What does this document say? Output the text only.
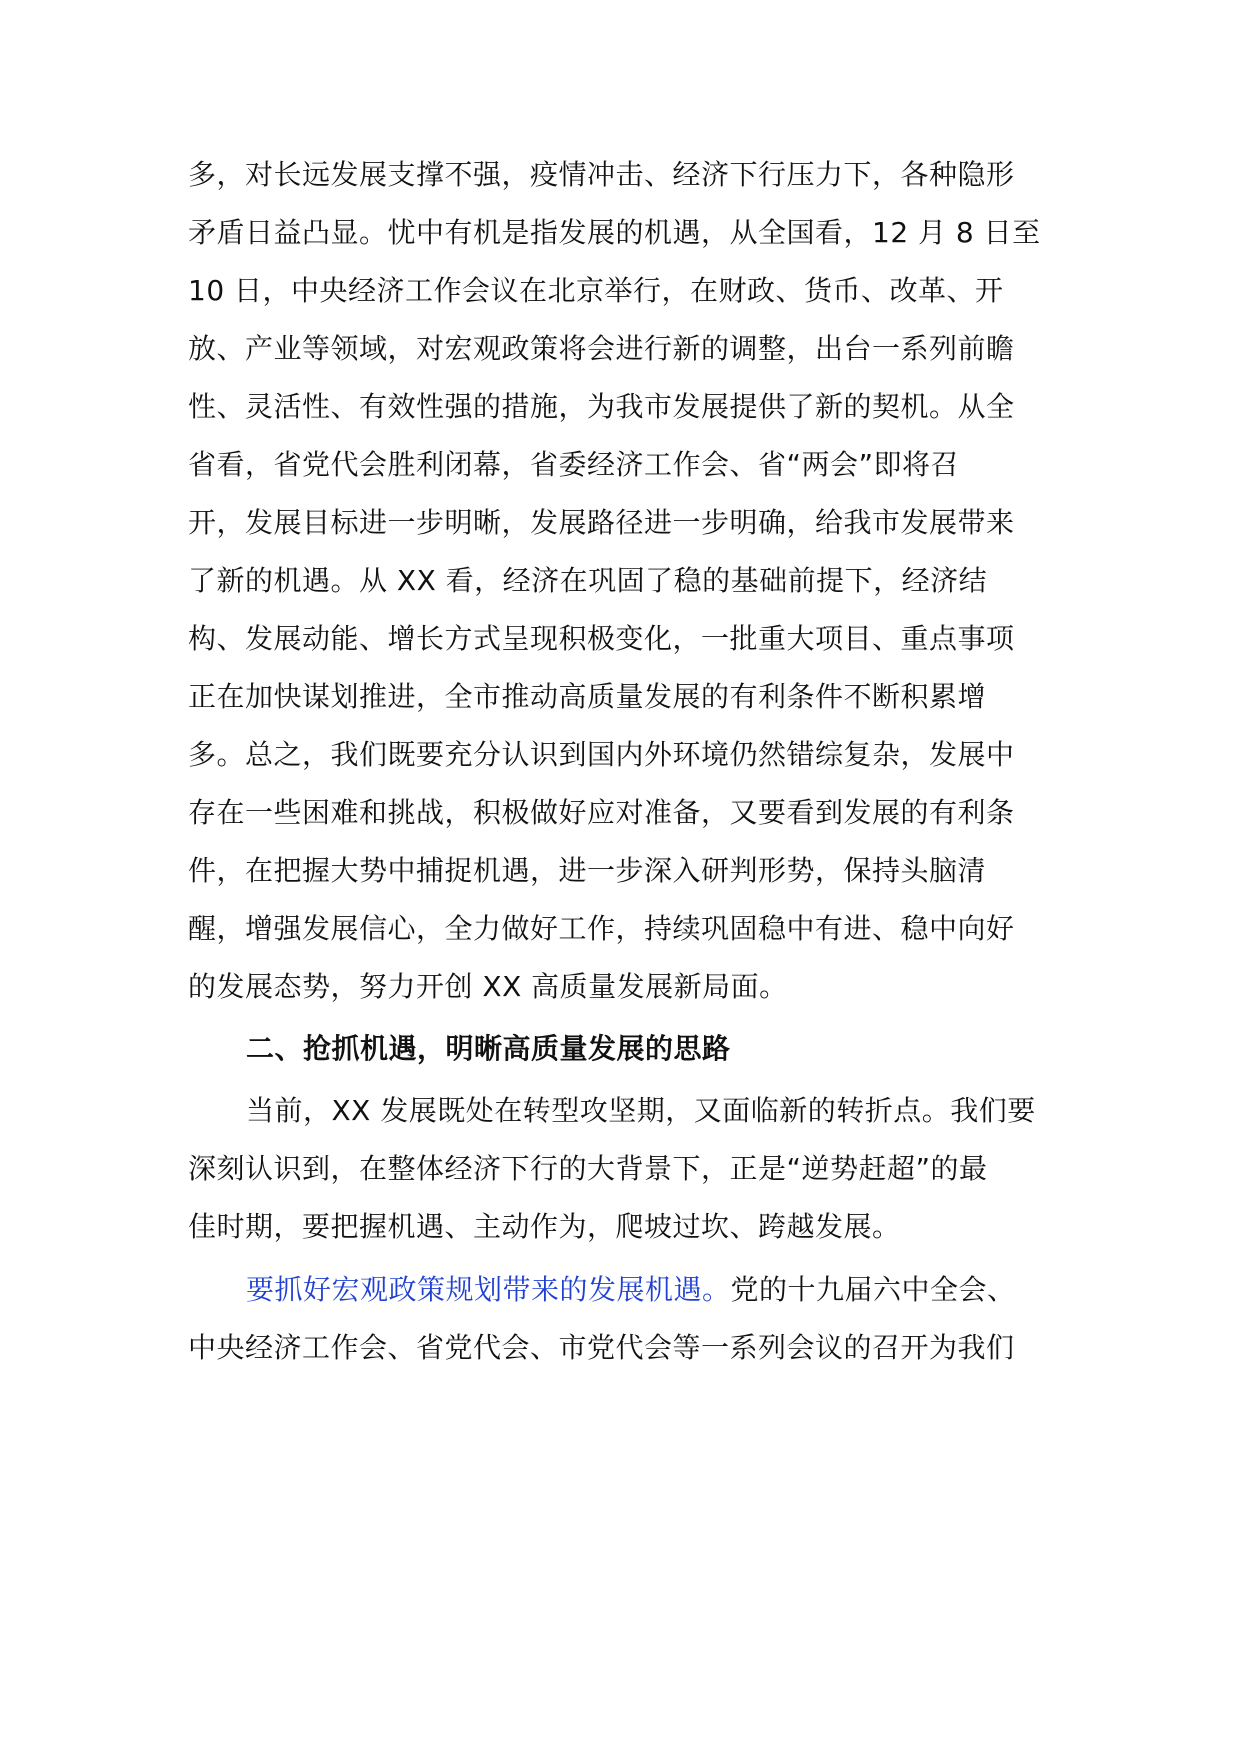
多，对长远发展支撑不强，疫情冲击、经济下行压力下，各种隐形
矛盾日益凸显。忧中有机是指发展的机遇，从全国看，12 月 8 日至
10 日，中央经济工作会议在北京举行，在财政、货币、改革、开
放、产业等领域，对宏观政策将会进行新的调整，出台一系列前瞻
性、灵活性、有效性强的措施，为我市发展提供了新的契机。从全
省看，省党代会胜利闭幕，省委经济工作会、省“两会”即将召
开，发展目标进一步明晰，发展路径进一步明确，给我市发展带来
了新的机遇。从 XX 看，经济在巩固了稳的基础前提下，经济结
构、发展动能、增长方式呈现积极变化，一批重大项目、重点事项
正在加快谋划推进，全市推动高质量发展的有利条件不断积累增
多。总之，我们既要充分认识到国内外环境仍然错综复杂，发展中
存在一些困难和挑战，积极做好应对准备，又要看到发展的有利条
件，在把握大势中捕捉机遇，进一步深入研判形势，保持头脑清
醒，增强发展信心，全力做好工作，持续巩固稳中有进、稳中向好
的发展态势，努力开创 XX 高质量发展新局面。
二、抢抓机遇，明晰高质量发展的思路
当前，XX 发展既处在转型攻坚期，又面临新的转折点。我们要
深刻认识到，在整体经济下行的大背景下，正是“逆势赶超”的最
佳时期，要把握机遇、主动作为，爬坡过坎、跨越发展。
要抓好宏观政策规划带来的发展机遇。党的十九届六中全会、
中央经济工作会、省党代会、市党代会等一系列会议的召开为我们
